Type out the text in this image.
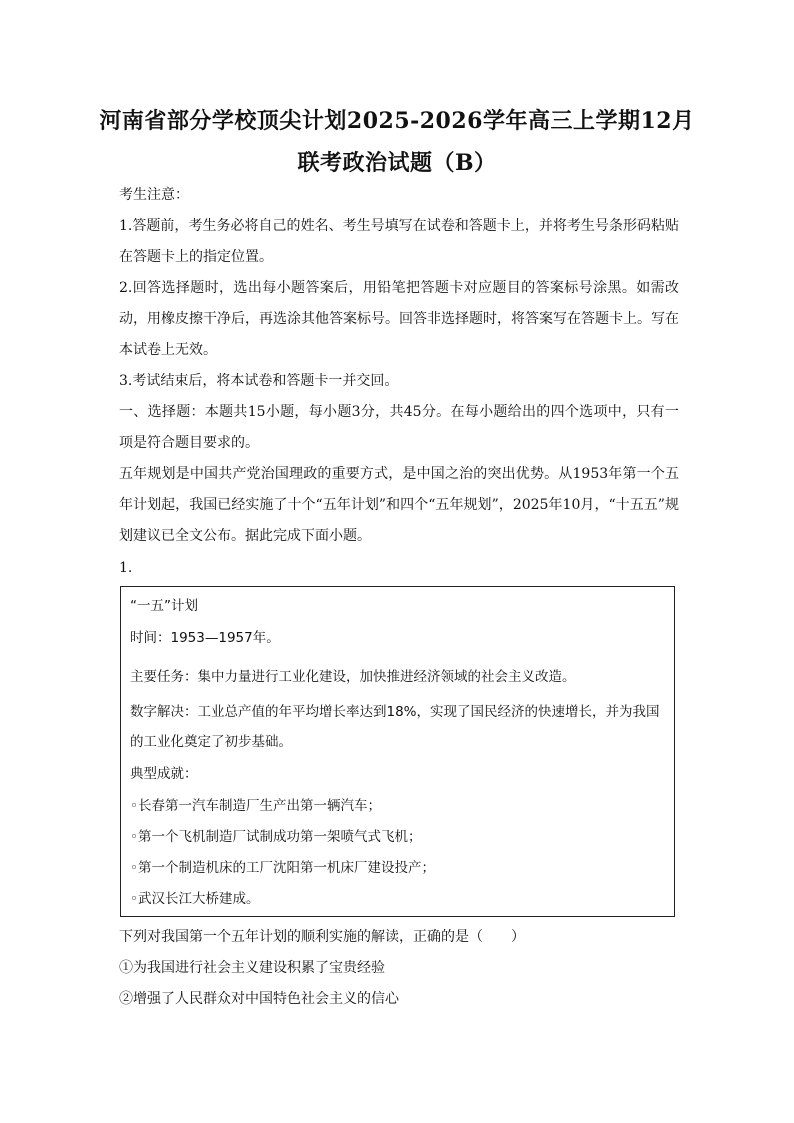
河南省部分学校顶尖计划2025-2026学年高三上学期12月
联考政治试题（B）
考生注意：
1.答题前，考生务必将自己的姓名、考生号填写在试卷和答题卡上，并将考生号条形码粘贴在答题卡上的指定位置。
2.回答选择题时，选出每小题答案后，用铅笔把答题卡对应题目的答案标号涂黑。如需改动，用橡皮擦干净后，再选涂其他答案标号。回答非选择题时，将答案写在答题卡上。写在本试卷上无效。
3.考试结束后，将本试卷和答题卡一并交回。
一、选择题：本题共15小题，每小题3分，共45分。在每小题给出的四个选项中，只有一项是符合题目要求的。
五年规划是中国共产党治国理政的重要方式，是中国之治的突出优势。从1953年第一个五年计划起，我国已经实施了十个“五年计划”和四个“五年规划”，2025年10月，“十五五”规划建议已全文公布。据此完成下面小题。
1.
“一五”计划
时间：1953—1957年。
主要任务：集中力量进行工业化建设，加快推进经济领域的社会主义改造。
数字解决：工业总产值的年平均增长率达到18%，实现了国民经济的快速增长，并为我国的工业化奠定了初步基础。
典型成就：
◦长春第一汽车制造厂生产出第一辆汽车；
◦第一个飞机制造厂试制成功第一架喷气式飞机；
◦第一个制造机床的工厂沈阳第一机床厂建设投产；
◦武汉长江大桥建成。
下列对我国第一个五年计划的顺利实施的解读，正确的是（　　）
①为我国进行社会主义建设积累了宝贵经验
②增强了人民群众对中国特色社会主义的信心
